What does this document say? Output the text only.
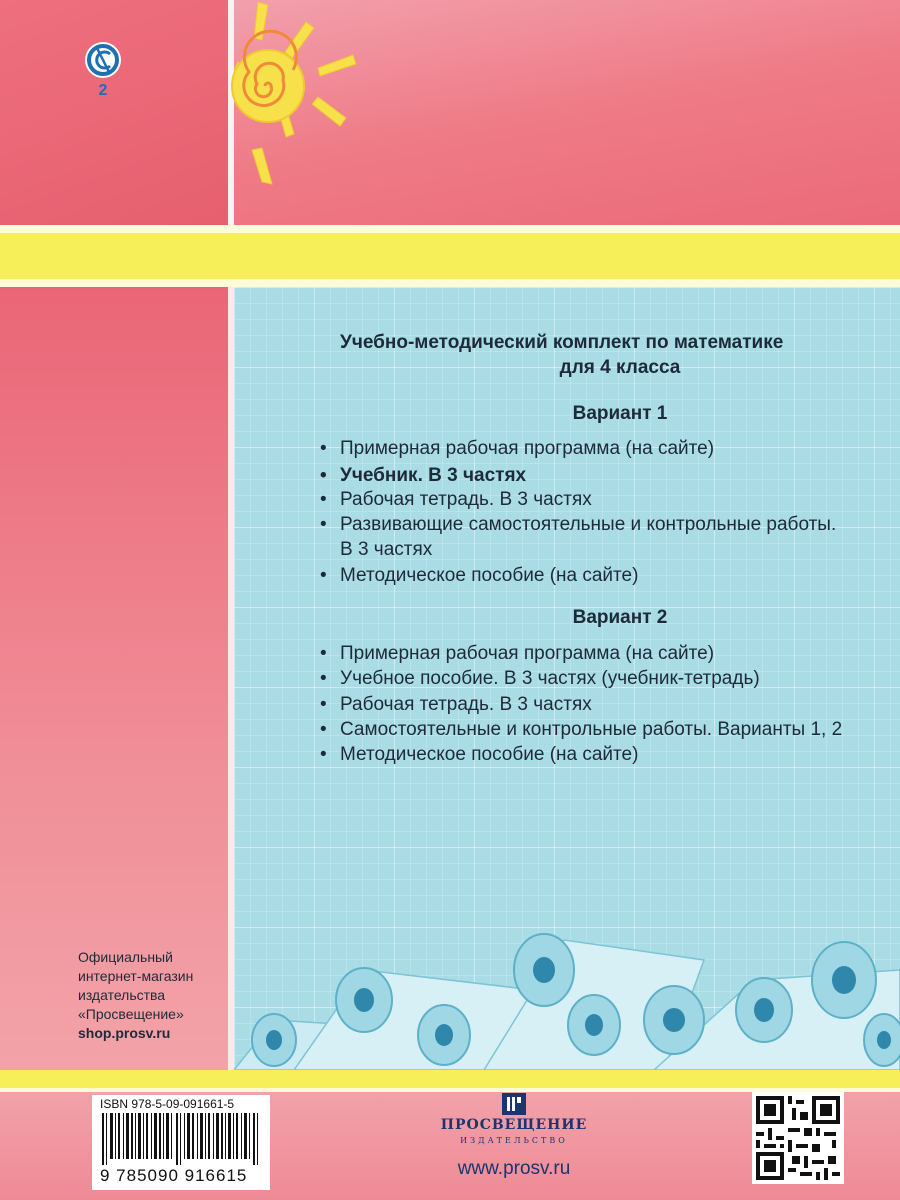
2
Учебно-методический комплект по математике
для 4 класса
Вариант 1
• Примерная рабочая программа (на сайте)
• Учебник. В 3 частях
• Рабочая тетрадь. В 3 частях
• Развивающие самостоятельные и контрольные работы.
В 3 частях
• Методическое пособие (на сайте)
Вариант 2
• Примерная рабочая программа (на сайте)
• Учебное пособие. В 3 частях (учебник-тетрадь)
• Рабочая тетрадь. В 3 частях
• Самостоятельные и контрольные работы. Варианты 1, 2
• Методическое пособие (на сайте)
Официальный
интернет-магазин
издательства
«Просвещение»
shop.prosv.ru
ISBN 978-5-09-091661-5
9 785090 916615
ПРОСВЕЩЕНИЕ
ИЗДАТЕЛЬСТВО
www.prosv.ru
